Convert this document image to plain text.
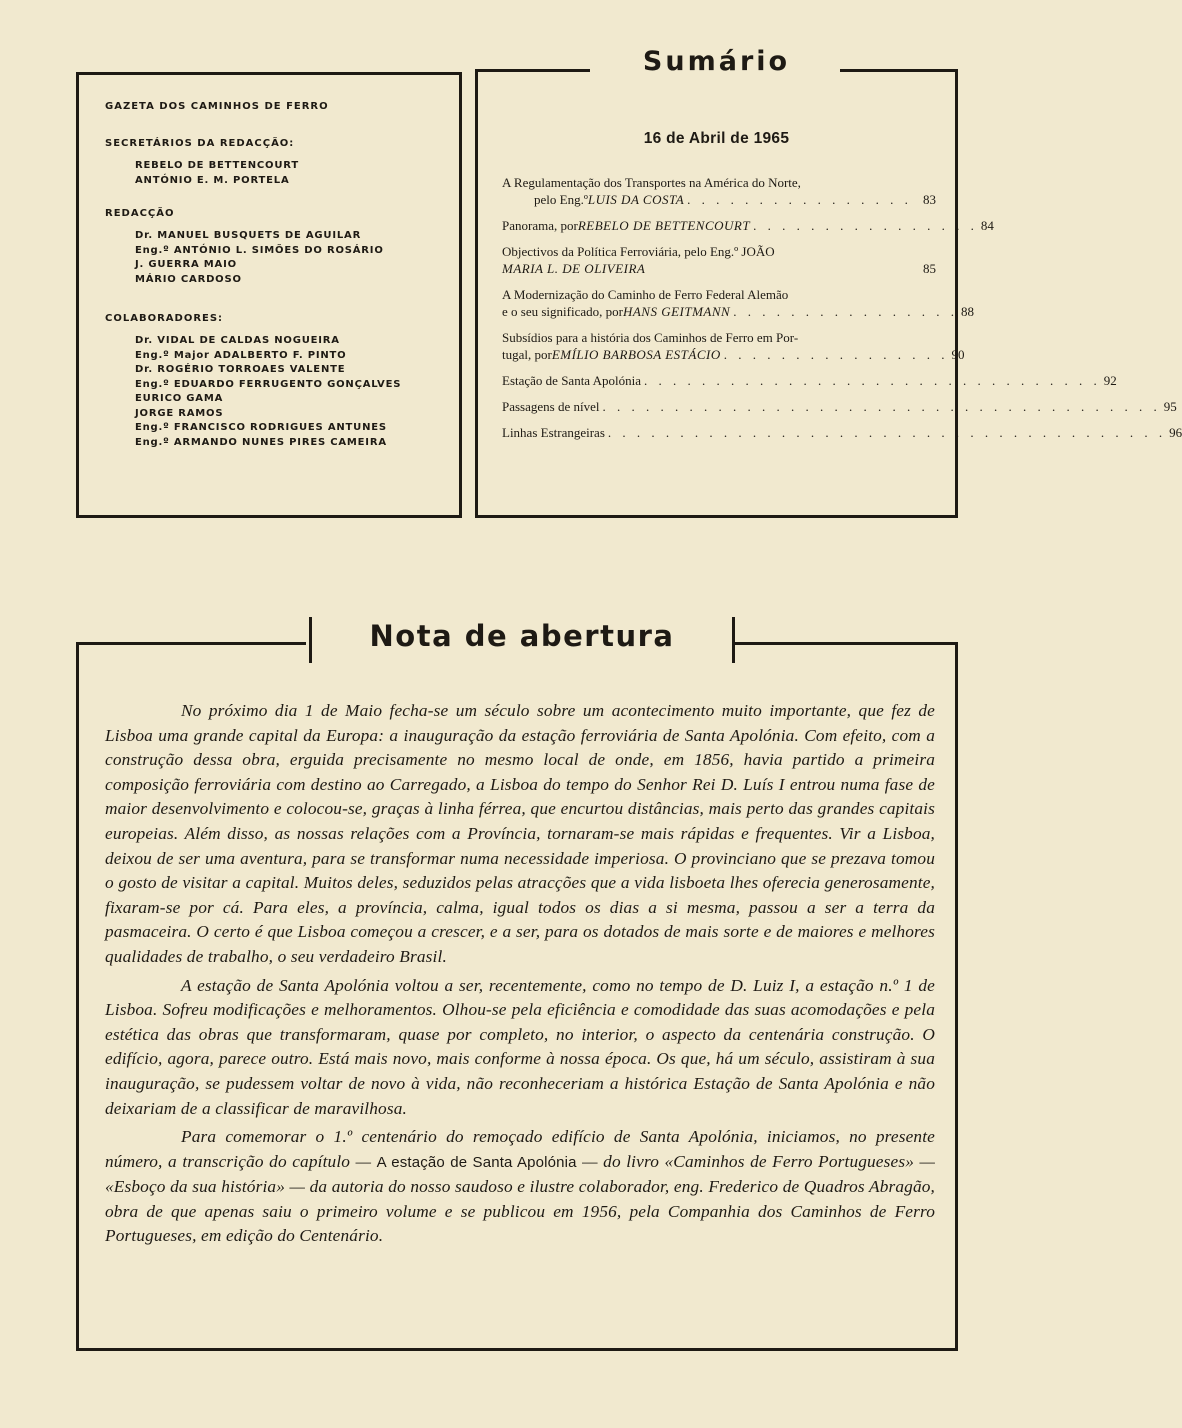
GAZETA DOS CAMINHOS DE FERRO
SECRETÁRIOS DA REDACÇÃO:
REBELO DE BETTENCOURT
ANTÓNIO E. M. PORTELA
REDACÇÃO
Dr. MANUEL BUSQUETS DE AGUILAR
Eng.º ANTÓNIO L. SIMÕES DO ROSÁRIO
J. GUERRA MAIO
MÁRIO CARDOSO
COLABORADORES:
Dr. VIDAL DE CALDAS NOGUEIRA
Eng.º Major ADALBERTO F. PINTO
Dr. ROGÉRIO TORROAES VALENTE
Eng.º EDUARDO FERRUGENTO GONÇALVES
EURICO GAMA
JORGE RAMOS
Eng.º FRANCISCO RODRIGUES ANTUNES
Eng.º ARMANDO NUNES PIRES CAMEIRA
Sumário
16 de Abril de 1965
A Regulamentação dos Transportes na América do Norte,
pelo Eng.º LUIS DA COSTA . . . . . . . . . . . . . . . . 83
Panorama, por REBELO DE BETTENCOURT . . . . . . . . . . . . . . . . 84
Objectivos da Política Ferroviária, pelo Eng.º JOÃO
MARIA L. DE OLIVEIRA	85
A Modernização do Caminho de Ferro Federal Alemão
e o seu significado, por HANS GEITMANN . . . . . . . . . . . . . . . . 88
Subsídios para a história dos Caminhos de Ferro em Por-
tugal, por EMÍLIO BARBOSA ESTÁCIO . . . . . . . . . . . . . . . . 90
Estação de Santa Apolónia . . . . . . . . . . . . . . . . . . . . . . . . . . . . . . . . 92
Passagens de nível . . . . . . . . . . . . . . . . . . . . . . . . . . . . . . . . . . . . . . . 95
Linhas Estrangeiras . . . . . . . . . . . . . . . . . . . . . . . . . . . . . . . . . . . . . . . 96
Nota de abertura

No próximo dia 1 de Maio fecha-se um século sobre um acontecimento muito importante, que fez de Lisboa uma grande capital da Europa: a inauguração da estação ferroviária de Santa Apolónia. Com efeito, com a construção dessa obra, erguida precisamente no mesmo local de onde, em 1856, havia partido a primeira composição ferroviária com destino ao Carregado, a Lisboa do tempo do Senhor Rei D. Luís I entrou numa fase de maior desenvolvimento e colocou-se, graças à linha férrea, que encurtou distâncias, mais perto das grandes capitais europeias. Além disso, as nossas relações com a Província, tornaram-se mais rápidas e frequentes. Vir a Lisboa, deixou de ser uma aventura, para se transformar numa necessidade imperiosa. O provinciano que se prezava tomou o gosto de visitar a capital. Muitos deles, seduzidos pelas atracções que a vida lisboeta lhes oferecia generosamente, fixaram-se por cá. Para eles, a província, calma, igual todos os dias a si mesma, passou a ser a terra da pasmaceira. O certo é que Lisboa começou a crescer, e a ser, para os dotados de mais sorte e de maiores e melhores qualidades de trabalho, o seu verdadeiro Brasil.

A estação de Santa Apolónia voltou a ser, recentemente, como no tempo de D. Luiz I, a estação n.º 1 de Lisboa. Sofreu modificações e melhoramentos. Olhou-se pela eficiência e comodidade das suas acomodações e pela estética das obras que transformaram, quase por completo, no interior, o aspecto da centenária construção. O edifício, agora, parece outro. Está mais novo, mais conforme à nossa época. Os que, há um século, assistiram à sua inauguração, se pudessem voltar de novo à vida, não reconheceriam a histórica Estação de Santa Apolónia e não deixariam de a classificar de maravilhosa.

Para comemorar o 1.º centenário do remoçado edifício de Santa Apolónia, iniciamos, no presente número, a transcrição do capítulo — A estação de Santa Apolónia — do livro «Caminhos de Ferro Portugueses» — «Esboço da sua história» — da autoria do nosso saudoso e ilustre colaborador, eng. Frederico de Quadros Abragão, obra de que apenas saiu o primeiro volume e se publicou em 1956, pela Companhia dos Caminhos de Ferro Portugueses, em edição do Centenário.
